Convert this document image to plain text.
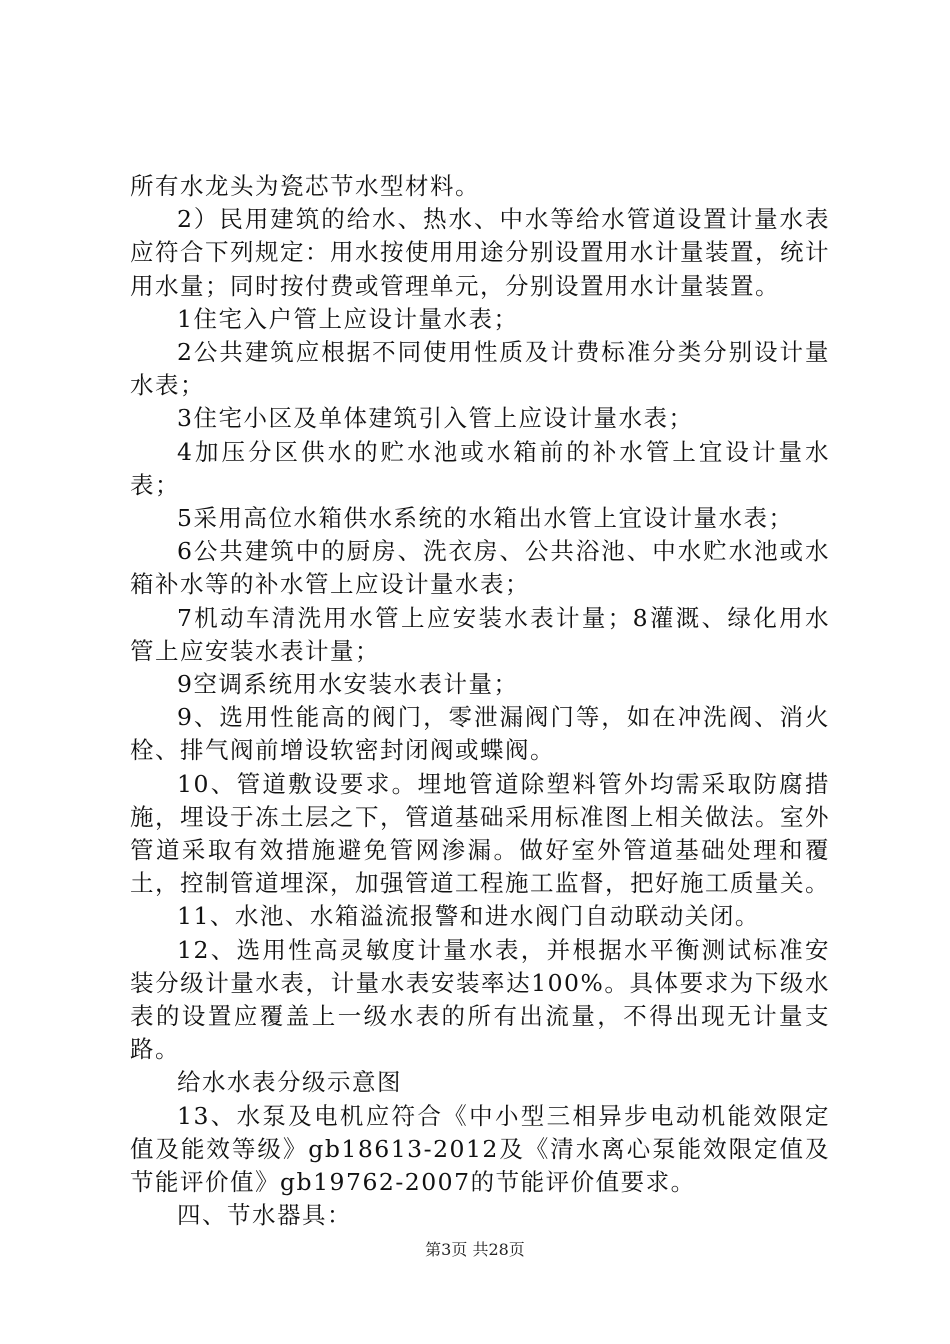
所有水龙头为瓷芯节水型材料。

2）民用建筑的给水、热水、中水等给水管道设置计量水表应符合下列规定：用水按使用用途分别设置用水计量装置，统计用水量；同时按付费或管理单元，分别设置用水计量装置。

1住宅入户管上应设计量水表；

2公共建筑应根据不同使用性质及计费标准分类分别设计量水表；

3住宅小区及单体建筑引入管上应设计量水表；

4加压分区供水的贮水池或水箱前的补水管上宜设计量水表；

5采用高位水箱供水系统的水箱出水管上宜设计量水表；

6公共建筑中的厨房、洗衣房、公共浴池、中水贮水池或水箱补水等的补水管上应设计量水表；

7机动车清洗用水管上应安装水表计量；8灌溉、绿化用水管上应安装水表计量；

9空调系统用水安装水表计量；

9、选用性能高的阀门，零泄漏阀门等，如在冲洗阀、消火栓、排气阀前增设软密封闭阀或蝶阀。

10、管道敷设要求。埋地管道除塑料管外均需采取防腐措施，埋设于冻土层之下，管道基础采用标准图上相关做法。室外管道采取有效措施避免管网渗漏。做好室外管道基础处理和覆土，控制管道埋深，加强管道工程施工监督，把好施工质量关。

11、水池、水箱溢流报警和进水阀门自动联动关闭。

12、选用性高灵敏度计量水表，并根据水平衡测试标准安装分级计量水表，计量水表安装率达100%。具体要求为下级水表的设置应覆盖上一级水表的所有出流量，不得出现无计量支路。

给水水表分级示意图

13、水泵及电机应符合《中小型三相异步电动机能效限定值及能效等级》gb18613-2012及《清水离心泵能效限定值及节能评价值》gb19762-2007的节能评价值要求。

四、节水器具：

第3页 共28页
